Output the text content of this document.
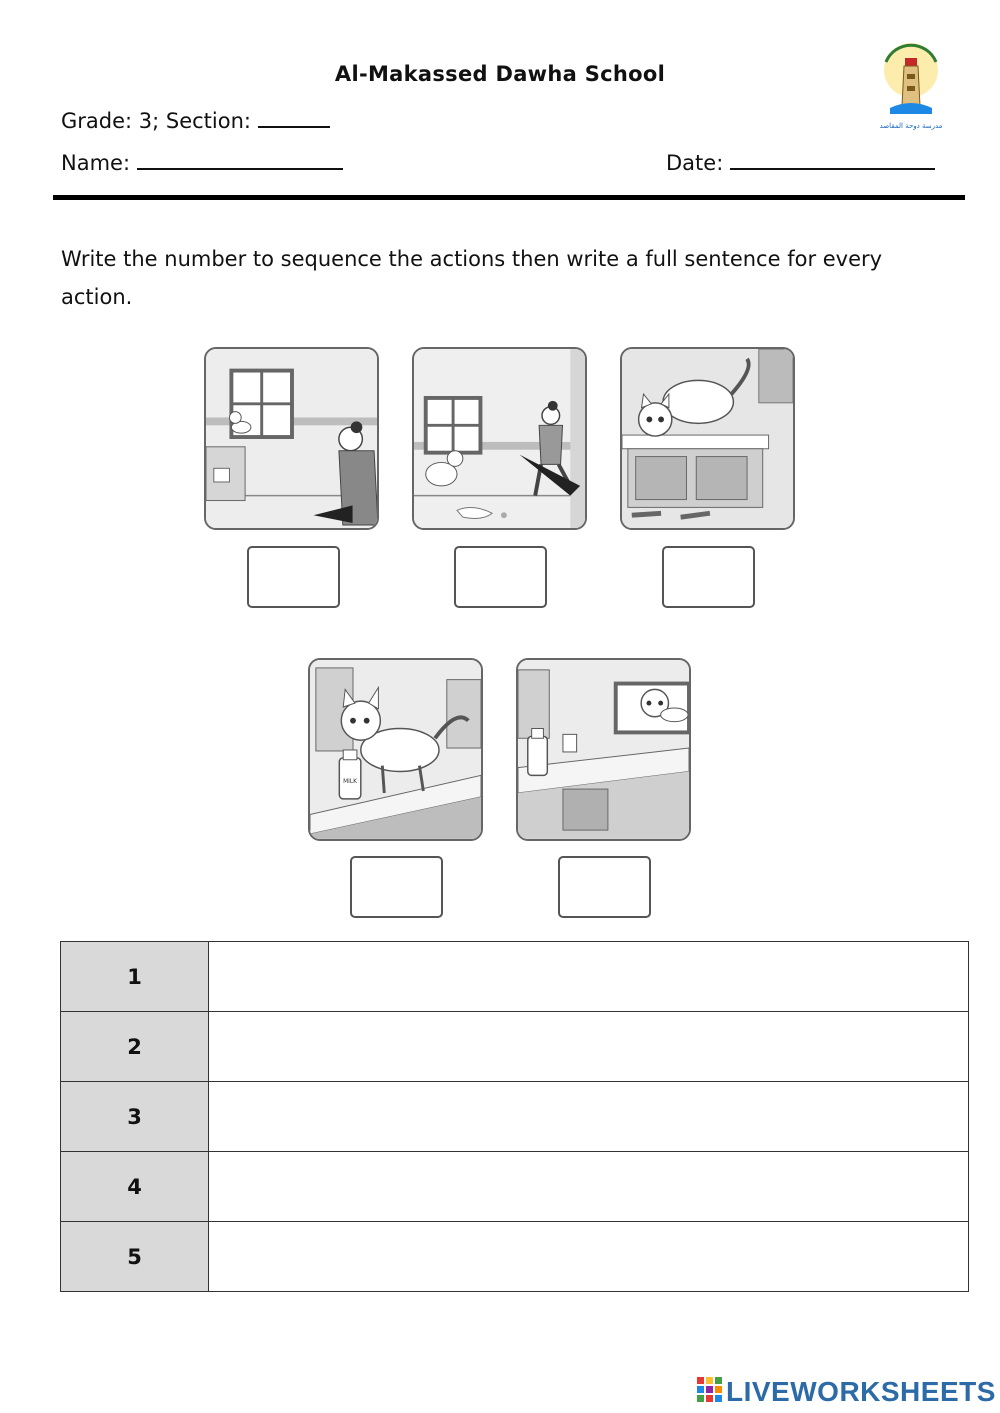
Al-Makassed Dawha School
Grade: 3; Section:
Name:	Date:
مدرسة دوحة المقاصد
Write the number to sequence the actions then write a full sentence for every action.
MILK
1	
2	
3	
4	
5	
LIVEWORKSHEETS
